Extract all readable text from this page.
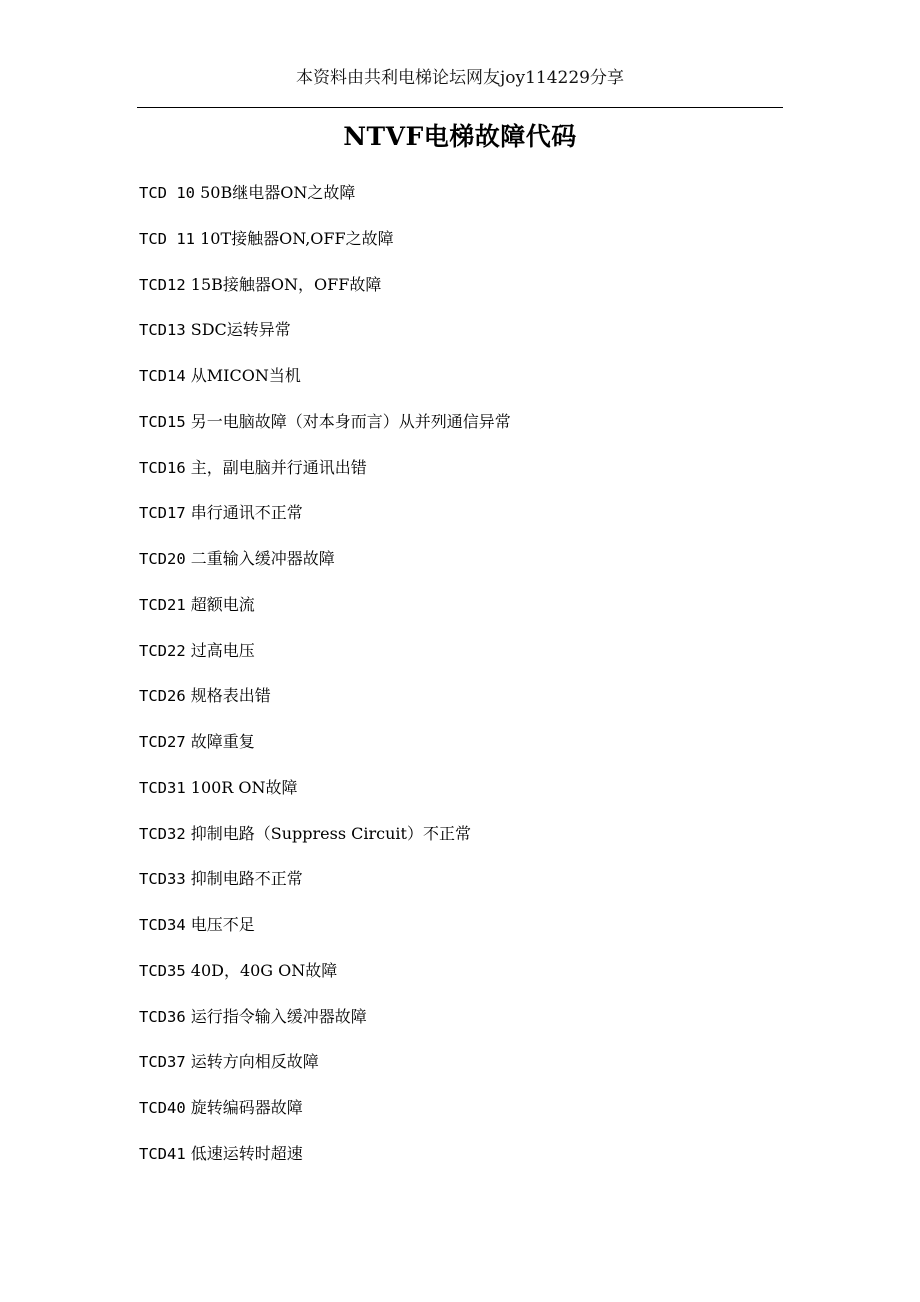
本资料由共利电梯论坛网友joy114229分享
NTVF电梯故障代码
TCD 10 50B继电器ON之故障
TCD 11 10T接触器ON,OFF之故障
TCD12 15B接触器ON，OFF故障
TCD13 SDC运转异常
TCD14 从MICON当机
TCD15 另一电脑故障（对本身而言）从并列通信异常
TCD16 主，副电脑并行通讯出错
TCD17 串行通讯不正常
TCD20 二重输入缓冲器故障
TCD21 超额电流
TCD22 过高电压
TCD26 规格表出错
TCD27 故障重复
TCD31 100R ON故障
TCD32 抑制电路（Suppress Circuit）不正常
TCD33 抑制电路不正常
TCD34 电压不足
TCD35 40D，40G ON故障
TCD36 运行指令输入缓冲器故障
TCD37 运转方向相反故障
TCD40 旋转编码器故障
TCD41 低速运转时超速
